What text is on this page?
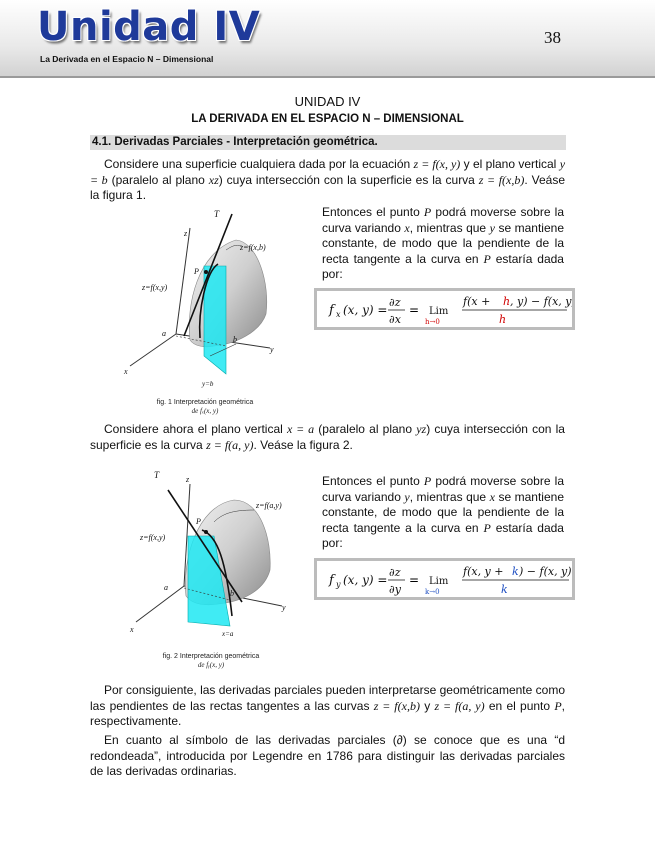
Unidad IV
La Derivada en el Espacio N – Dimensional
38
UNIDAD IV
LA DERIVADA EN EL ESPACIO N – DIMENSIONAL
4.1. Derivadas Parciales - Interpretación geométrica.

Considere una superficie cualquiera dada por la ecuación z = f(x, y) y el plano vertical y = b (paralelo al plano xz) cuya intersección con la superficie es la curva z = f(x,b). Veáse la figura 1.

T
z
z=f(x,b)
z=f(x,y)
P
a
b
y
x
y=b
fig. 1 Interpretación geométrica
de fₓ(x, y)

Entonces el punto P podrá moverse sobre la curva variando x, mientras que y se mantiene constante, de modo que la pendiente de la recta tangente a la curva en P estaría dada por:

f x (x, y) =
∂z
∂x
Lim
f(x + h , y) − f(x, y)
h
=
h→0

Considere ahora el plano vertical x = a (paralelo al plano yz) cuya intersección con la superficie es la curva z = f(a, y). Veáse la figura 2.

T	z
z=f(a,y)
z=f(x,y)
P
a
b
y
x	x=a
fig. 2 Interpretación geométrica
de fᵧ(x, y)

Entonces el punto P podrá moverse sobre la curva variando y, mientras que x se mantiene constante, de modo que la pendiente de la recta tangente a la curva en P estaría dada por:

f y (x, y) =
∂z
∂y
Lim
f(x, y + k ) − f(x, y)
k
=
k→0

Por consiguiente, las derivadas parciales pueden interpretarse geométricamente como las pendientes de las rectas tangentes a las curvas z = f(x,b) y z = f(a, y) en el punto P, respectivamente.

En cuanto al símbolo de las derivadas parciales (∂) se conoce que es una “d redondeada”, introducida por Legendre en 1786 para distinguir las derivadas parciales de las derivadas ordinarias.
